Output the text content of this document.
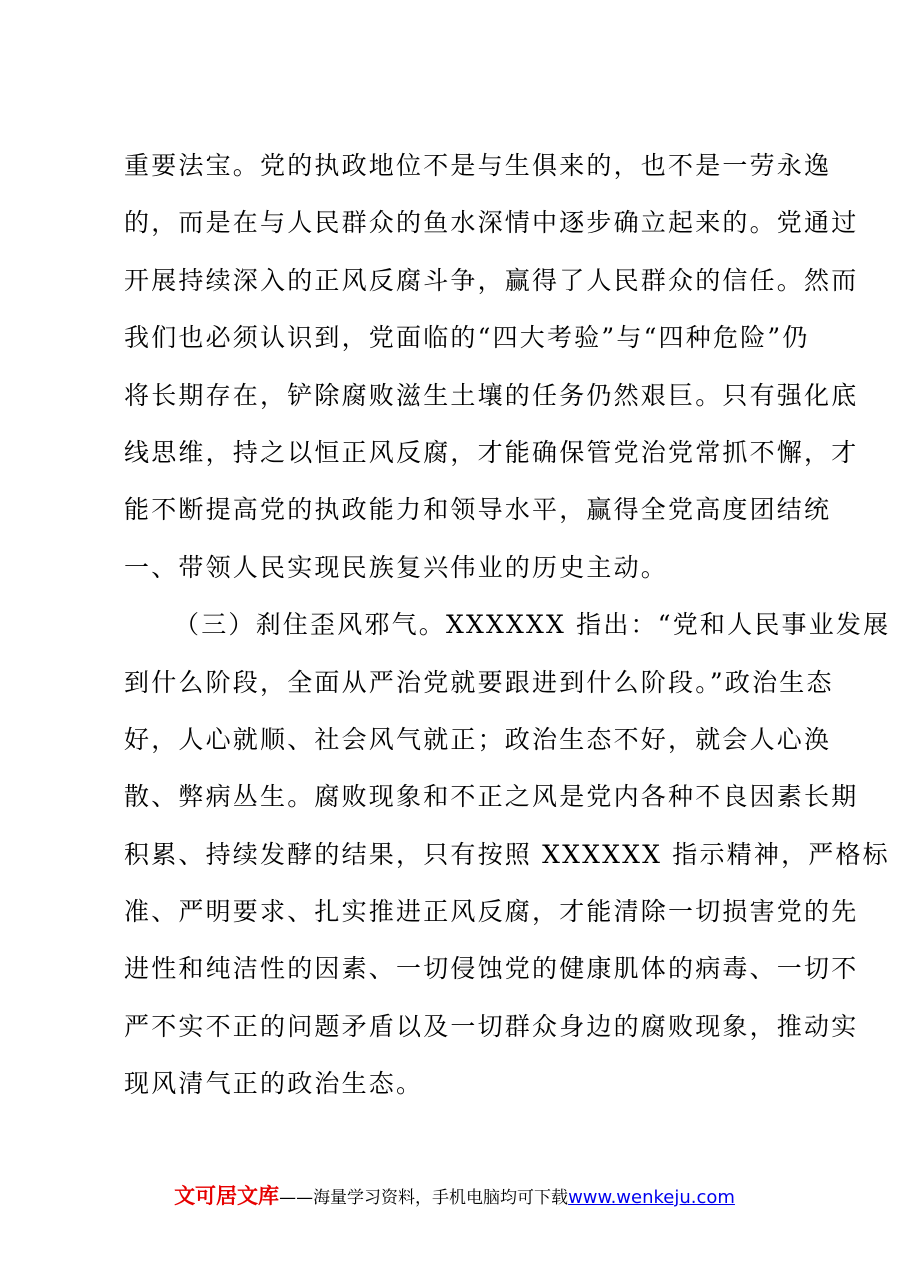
重要法宝。党的执政地位不是与生俱来的，也不是一劳永逸
的，而是在与人民群众的鱼水深情中逐步确立起来的。党通过
开展持续深入的正风反腐斗争，赢得了人民群众的信任。然而
我们也必须认识到，党面临的“四大考验”与“四种危险”仍
将长期存在，铲除腐败滋生土壤的任务仍然艰巨。只有强化底
线思维，持之以恒正风反腐，才能确保管党治党常抓不懈，才
能不断提高党的执政能力和领导水平，赢得全党高度团结统
一、带领人民实现民族复兴伟业的历史主动。
（三）刹住歪风邪气。XXXXXX 指出：“党和人民事业发展
到什么阶段，全面从严治党就要跟进到什么阶段。”政治生态
好，人心就顺、社会风气就正；政治生态不好，就会人心涣
散、弊病丛生。腐败现象和不正之风是党内各种不良因素长期
积累、持续发酵的结果，只有按照 XXXXXX 指示精神，严格标
准、严明要求、扎实推进正风反腐，才能清除一切损害党的先
进性和纯洁性的因素、一切侵蚀党的健康肌体的病毒、一切不
严不实不正的问题矛盾以及一切群众身边的腐败现象，推动实
现风清气正的政治生态。
文可居文库——海量学习资料，手机电脑均可下载www.wenkeju.com
